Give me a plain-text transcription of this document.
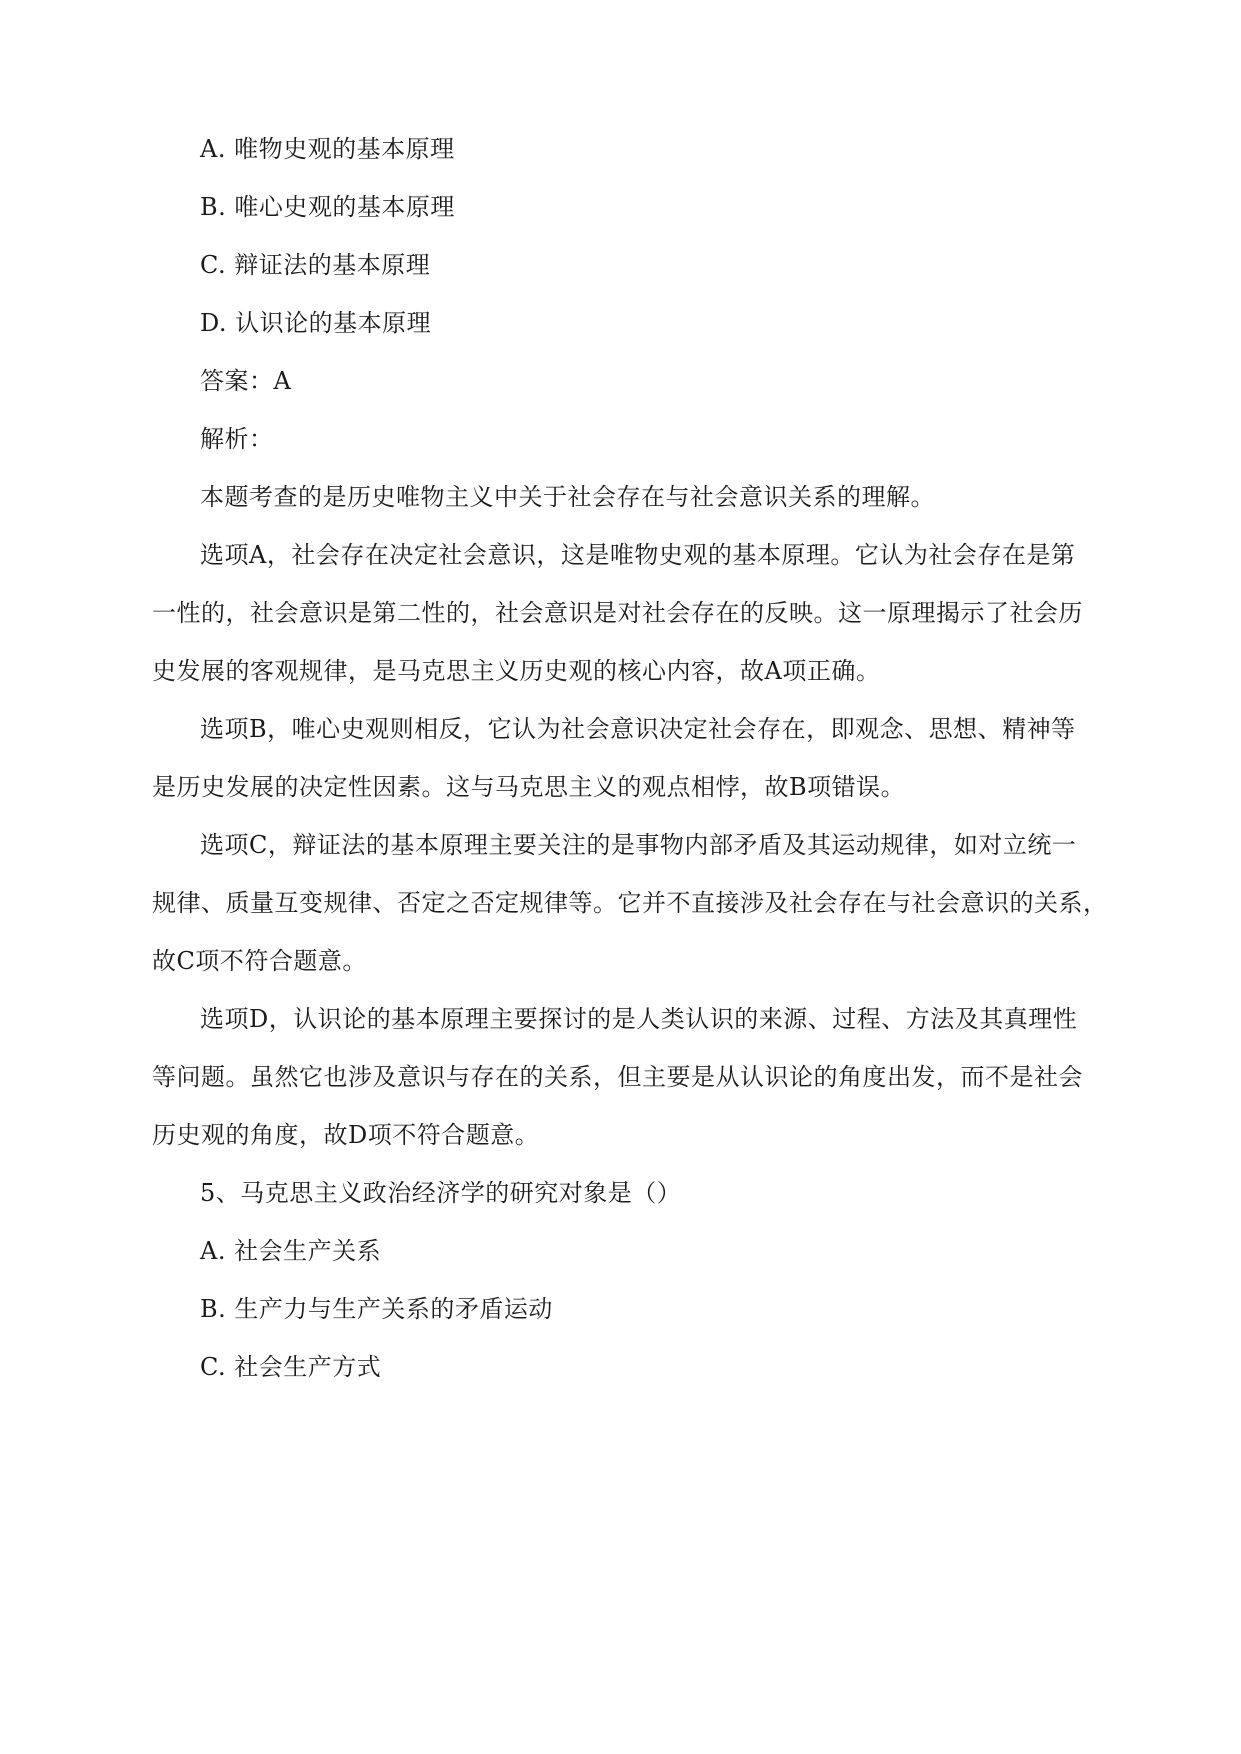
A. 唯物史观的基本原理
B. 唯心史观的基本原理
C. 辩证法的基本原理
D. 认识论的基本原理
答案：A
解析：
本题考查的是历史唯物主义中关于社会存在与社会意识关系的理解。
选项A，社会存在决定社会意识，这是唯物史观的基本原理。它认为社会存在是第
一性的，社会意识是第二性的，社会意识是对社会存在的反映。这一原理揭示了社会历
史发展的客观规律，是马克思主义历史观的核心内容，故A项正确。
选项B，唯心史观则相反，它认为社会意识决定社会存在，即观念、思想、精神等
是历史发展的决定性因素。这与马克思主义的观点相悖，故B项错误。
选项C，辩证法的基本原理主要关注的是事物内部矛盾及其运动规律，如对立统一
规律、质量互变规律、否定之否定规律等。它并不直接涉及社会存在与社会意识的关系，
故C项不符合题意。
选项D，认识论的基本原理主要探讨的是人类认识的来源、过程、方法及其真理性
等问题。虽然它也涉及意识与存在的关系，但主要是从认识论的角度出发，而不是社会
历史观的角度，故D项不符合题意。
5、马克思主义政治经济学的研究对象是（）
A. 社会生产关系
B. 生产力与生产关系的矛盾运动
C. 社会生产方式
